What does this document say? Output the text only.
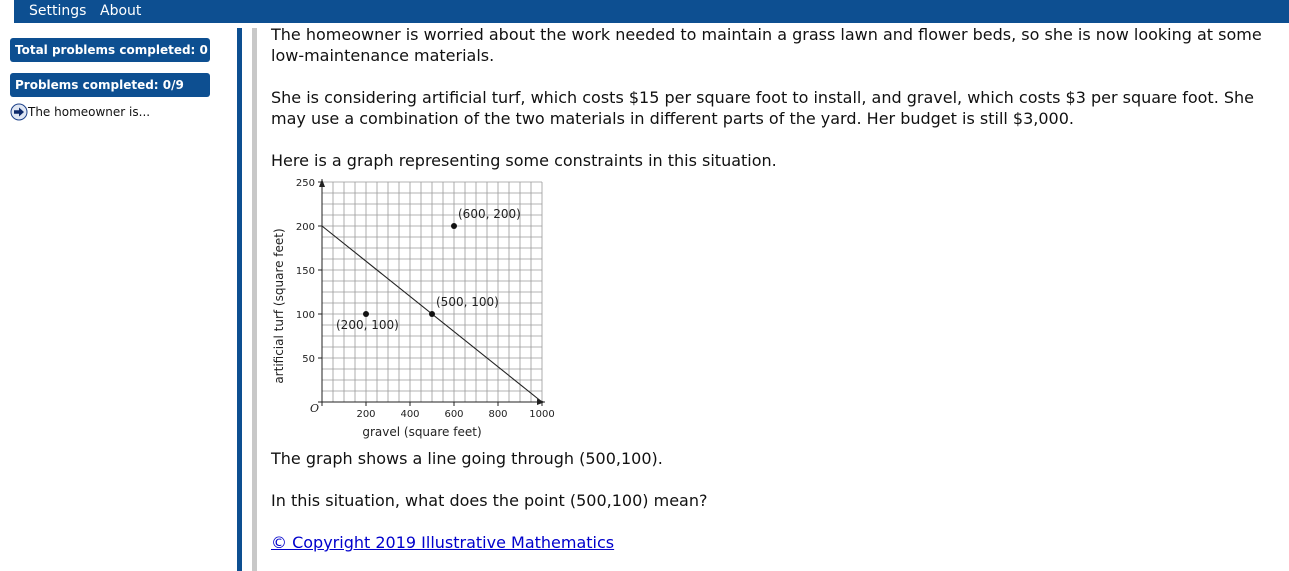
Settings About
Total problems completed: 0
Problems completed: 0/9
The homeowner is...

The homeowner is worried about the work needed to maintain a grass lawn and flower beds, so she is now looking at some low-maintenance materials.

She is considering artificial turf, which costs $15 per square foot to install, and gravel, which costs $3 per square foot. She may use a combination of the two materials in different parts of the yard. Her budget is still $3,000.

Here is a graph representing some constraints in this situation.

The graph shows a line going through (500,100).

In this situation, what does the point (500,100) mean?

© Copyright 2019 Illustrative Mathematics

200 400 600 800 1000
50
100
150
200
250
O
gravel (square feet)
artificial turf (square feet)	(200, 100)
(500, 100)
(600, 200)
